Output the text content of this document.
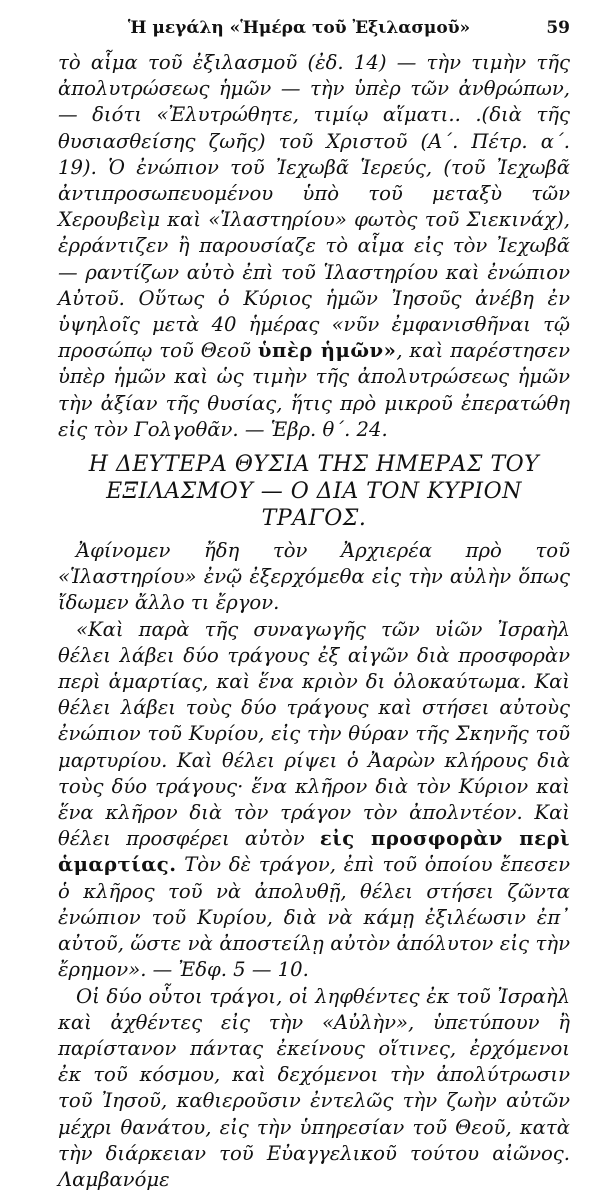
Ἡ μεγάλη «Ἡμέρα τοῦ Ἐξιλασμοῦ»	59

τὸ αἷμα τοῦ ἐξιλασμοῦ (ἐδ. 14) — τὴν τιμὴν τῆς ἀπολυτρώσεως ἡμῶν — τὴν ὑπὲρ τῶν ἀνθρώπων, — διότι «Ἐλυτρώθητε, τιμίῳ αἵματι.. .(διὰ τῆς θυσιασθείσης ζωῆς) τοῦ Χριστοῦ (Α΄. Πέτρ. α΄. 19). Ὁ ἐνώπιον τοῦ Ἰεχωβᾶ Ἱερεύς, (τοῦ Ἰεχωβᾶ ἀντιπροσωπευομένου ὑπὸ τοῦ μεταξὺ τῶν Χερουβεὶμ καὶ «Ἱλαστηρίου» φωτὸς τοῦ Σιεκινάχ), ἐρράντιζεν ἢ παρουσίαζε τὸ αἷμα εἰς τὸν Ἰεχωβᾶ — ραντίζων αὐτὸ ἐπὶ τοῦ Ἱλαστηρίου καὶ ἐνώπιον Αὐτοῦ. Οὕτως ὁ Κύριος ἡμῶν Ἰησοῦς ἀνέβη ἐν ὑψηλοῖς μετὰ 40 ἡμέρας «νῦν ἐμφανισθῆναι τῷ προσώπῳ τοῦ Θεοῦ ὑπὲρ ἡμῶν», καὶ παρέστησεν ὑπὲρ ἡμῶν καὶ ὡς τιμὴν τῆς ἀπολυτρώσεως ἡμῶν τὴν ἀξίαν τῆς θυσίας, ἥτις πρὸ μικροῦ ἐπερατώθη εἰς τὸν Γολγοθᾶν. — Ἑβρ. θ΄. 24.

Η ΔΕΥΤΕΡΑ ΘΥΣΙΑ ΤΗΣ ΗΜΕΡΑΣ ΤΟΥ
ΕΞΙΛΑΣΜΟΥ — Ο ΔΙΑ ΤΟΝ ΚΥΡΙΟΝ ΤΡΑΓΟΣ.

Ἀφίνομεν ἤδη τὸν Ἀρχιερέα πρὸ τοῦ «Ἱλαστηρίου» ἐνῷ ἐξερχόμεθα εἰς τὴν αὐλὴν ὅπως ἴδωμεν ἄλλο τι ἔργον.

«Καὶ παρὰ τῆς συναγωγῆς τῶν υἱῶν Ἰσραὴλ θέλει λάβει δύο τράγους ἐξ αἰγῶν διὰ προσφορὰν περὶ ἁμαρτίας, καὶ ἕνα κριὸν δι ὁλοκαύτωμα. Καὶ θέλει λάβει τοὺς δύο τράγους καὶ στήσει αὐτοὺς ἐνώπιον τοῦ Κυρίου, εἰς τὴν θύραν τῆς Σκηνῆς τοῦ μαρτυρίου. Καὶ θέλει ρίψει ὁ Ἀαρὼν κλήρους διὰ τοὺς δύο τράγους· ἕνα κλῆρον διὰ τὸν Κύριον καὶ ἕνα κλῆρον διὰ τὸν τράγον τὸν ἀπολντέον. Καὶ θέλει προσφέρει αὐτὸν εἰς προσφορὰν περὶ ἁμαρτίας. Τὸν δὲ τράγον, ἐπὶ τοῦ ὁποίου ἔπεσεν ὁ κλῆρος τοῦ νὰ ἀπολυθῇ, θέλει στήσει ζῶντα ἐνώπιον τοῦ Κυρίου, διὰ νὰ κάμῃ ἐξιλέωσιν ἐπ᾿ αὐτοῦ, ὥστε νὰ ἀποστείλῃ αὐτὸν ἀπόλυτον εἰς τὴν ἔρημον». — Ἐδφ. 5 — 10.

Οἱ δύο οὗτοι τράγοι, οἱ ληφθέντες ἐκ τοῦ Ἰσραὴλ καὶ ἀχθέντες εἰς τὴν «Αὐλὴν», ὑπετύπουν ἢ παρίστανον πάντας ἐκείνους οἵτινες, ἐρχόμενοι ἐκ τοῦ κόσμου, καὶ δεχόμενοι τὴν ἀπολύτρωσιν τοῦ Ἰησοῦ, καθιεροῦσιν ἐντελῶς τὴν ζωὴν αὐτῶν μέχρι θανάτου, εἰς τὴν ὑπηρεσίαν τοῦ Θεοῦ, κατὰ τὴν διάρκειαν τοῦ Εὐαγγελικοῦ τούτου αἰῶνος. Λαμβανόμε
